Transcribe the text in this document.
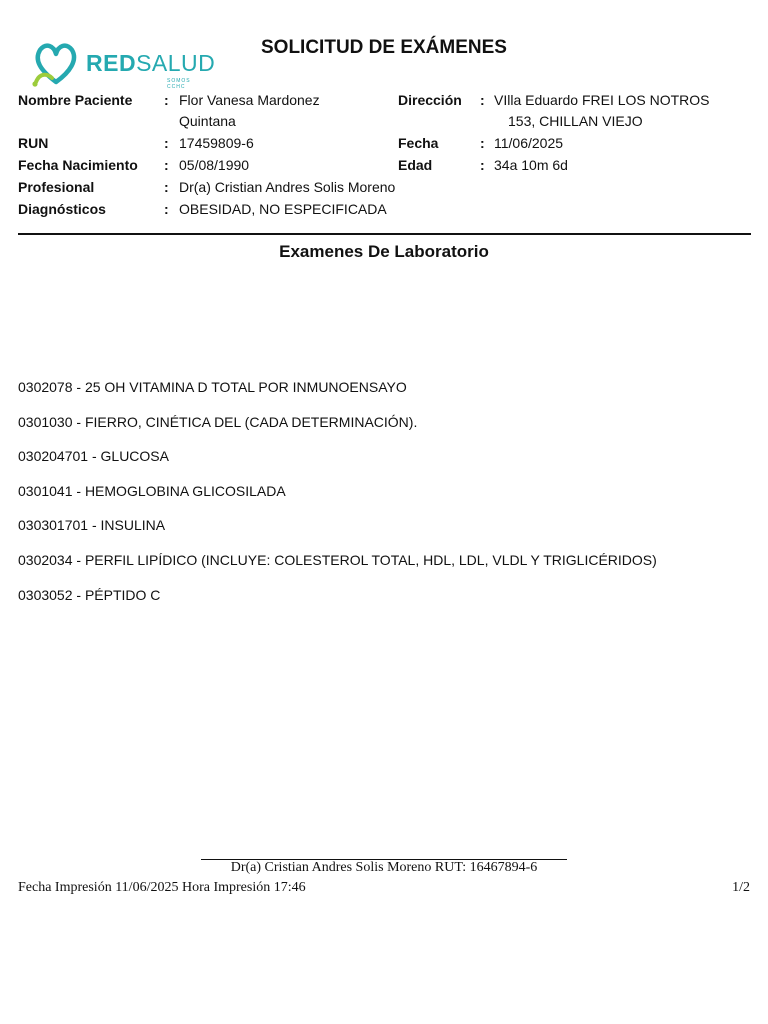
REDSALUD
SOMOS CCHC
SOLICITUD DE EXÁMENES
Nombre Paciente : Flor Vanesa Mardonez
Quintana
RUN	: 17459809-6
Fecha Nacimiento : 05/08/1990
Profesional	: Dr(a) Cristian Andres Solis Moreno
Diagnósticos	: OBESIDAD, NO ESPECIFICADA
Dirección : VIlla Eduardo FREI LOS NOTROS
153, CHILLAN VIEJO
Fecha	: 11/06/2025
Edad	: 34a 10m 6d
Examenes De Laboratorio
0302078 - 25 OH VITAMINA D TOTAL POR INMUNOENSAYO
0301030 - FIERRO, CINÉTICA DEL (CADA DETERMINACIÓN).
030204701 - GLUCOSA
0301041 - HEMOGLOBINA GLICOSILADA
030301701 - INSULINA
0302034 - PERFIL LIPÍDICO (INCLUYE: COLESTEROL TOTAL, HDL, LDL, VLDL Y TRIGLICÉRIDOS)
0303052 - PÉPTIDO C
Dr(a) Cristian Andres Solis Moreno RUT: 16467894-6
Fecha Impresión 11/06/2025 Hora Impresión 17:46	1/2
